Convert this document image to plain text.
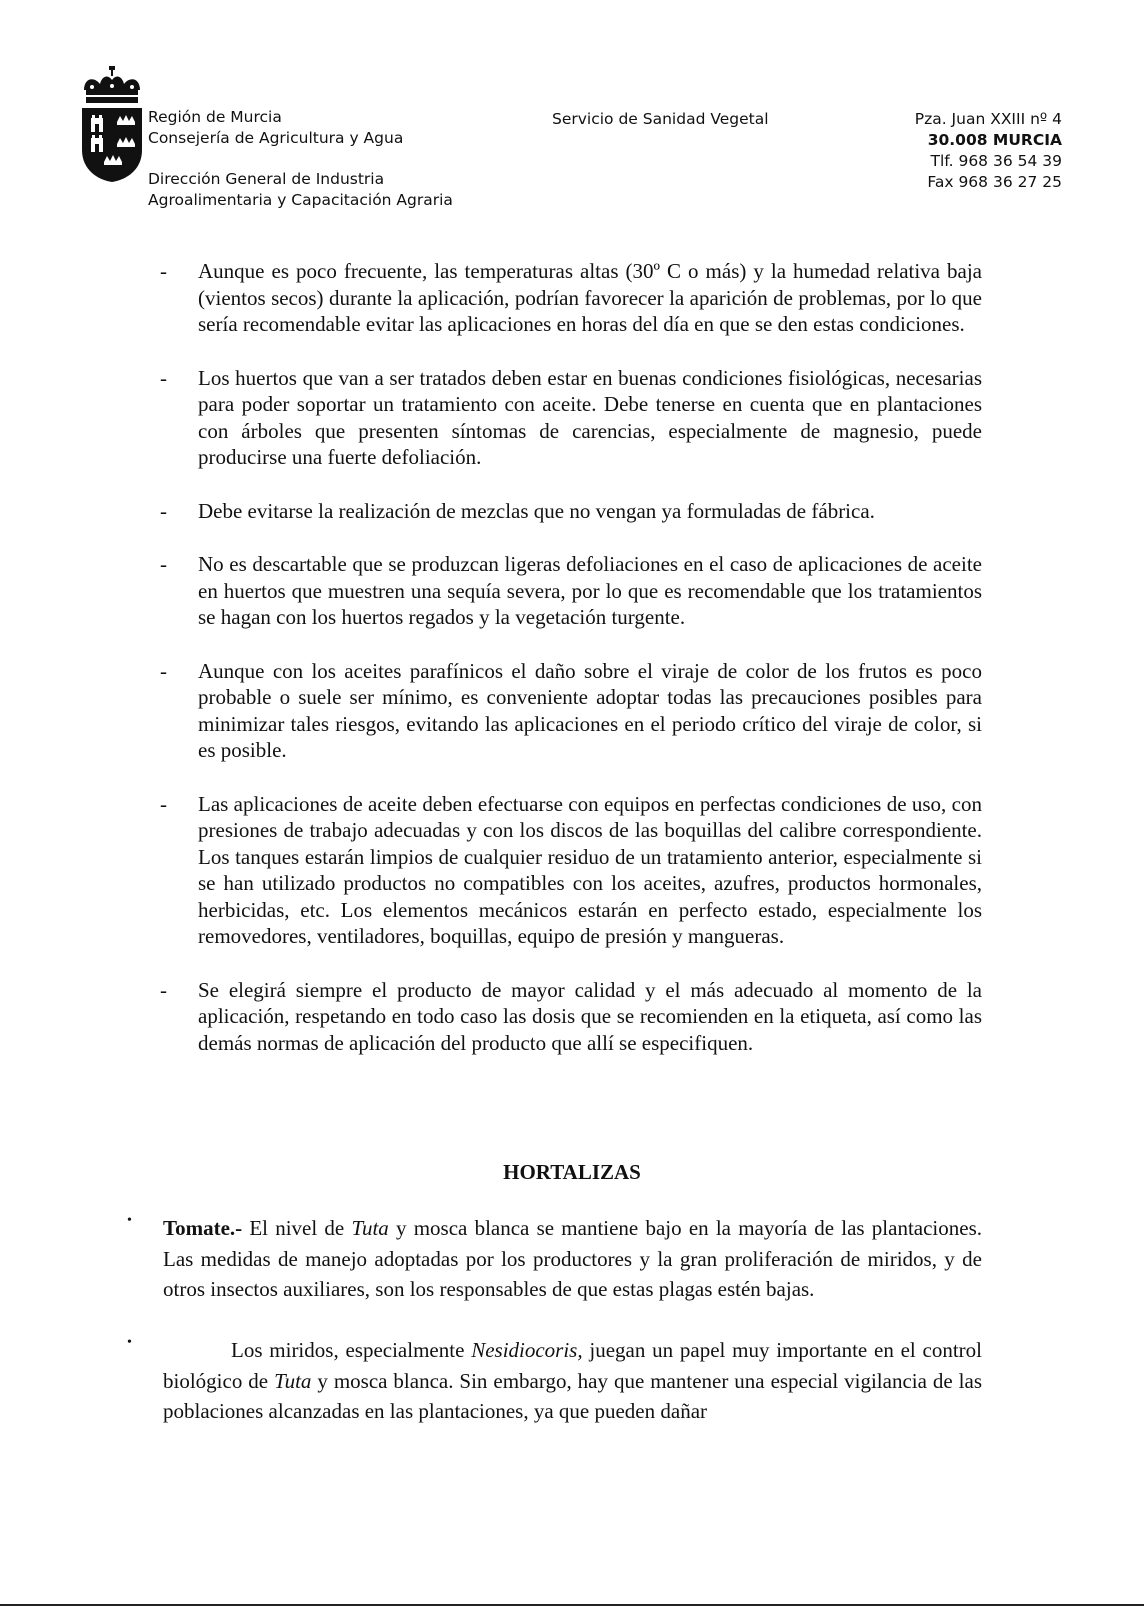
Región de Murcia
Consejería de Agricultura y Agua
Dirección General de Industria
Agroalimentaria y Capacitación Agraria
Servicio de Sanidad Vegetal	Pza. Juan XXIII nº 4
30.008 MURCIA
Tlf. 968 36 54 39
Fax 968 36 27 25
- Aunque es poco frecuente, las temperaturas altas (30º C o más) y la humedad relativa baja (vientos secos) durante la aplicación, podrían favorecer la aparición de problemas, por lo que sería recomendable evitar las aplicaciones en horas del día en que se den estas condiciones.
- Los huertos que van a ser tratados deben estar en buenas condiciones fisiológicas, necesarias para poder soportar un tratamiento con aceite. Debe tenerse en cuenta que en plantaciones con árboles que presenten síntomas de carencias, especialmente de magnesio, puede producirse una fuerte defoliación.
- Debe evitarse la realización de mezclas que no vengan ya formuladas de fábrica.
- No es descartable que se produzcan ligeras defoliaciones en el caso de aplicaciones de aceite en huertos que muestren una sequía severa, por lo que es recomendable que los tratamientos se hagan con los huertos regados y la vegetación turgente.
- Aunque con los aceites parafínicos el daño sobre el viraje de color de los frutos es poco probable o suele ser mínimo, es conveniente adoptar todas las precauciones posibles para minimizar tales riesgos, evitando las aplicaciones en el periodo crítico del viraje de color, si es posible.
- Las aplicaciones de aceite deben efectuarse con equipos en perfectas condiciones de uso, con presiones de trabajo adecuadas y con los discos de las boquillas del calibre correspondiente. Los tanques estarán limpios de cualquier residuo de un tratamiento anterior, especialmente si se han utilizado productos no compatibles con los aceites, azufres, productos hormonales, herbicidas, etc. Los elementos mecánicos estarán en perfecto estado, especialmente los removedores, ventiladores, boquillas, equipo de presión y mangueras.
- Se elegirá siempre el producto de mayor calidad y el más adecuado al momento de la aplicación, respetando en todo caso las dosis que se recomienden en la etiqueta, así como las demás normas de aplicación del producto que allí se especifiquen.
HORTALIZAS
• Tomate.- El nivel de Tuta y mosca blanca se mantiene bajo en la mayoría de las plantaciones. Las medidas de manejo adoptadas por los productores y la gran proliferación de miridos, y de otros insectos auxiliares, son los responsables de que estas plagas estén bajas.
•	Los miridos, especialmente Nesidiocoris, juegan un papel muy importante en el control biológico de Tuta y mosca blanca. Sin embargo, hay que mantener una especial vigilancia de las poblaciones alcanzadas en las plantaciones, ya que pueden dañar
